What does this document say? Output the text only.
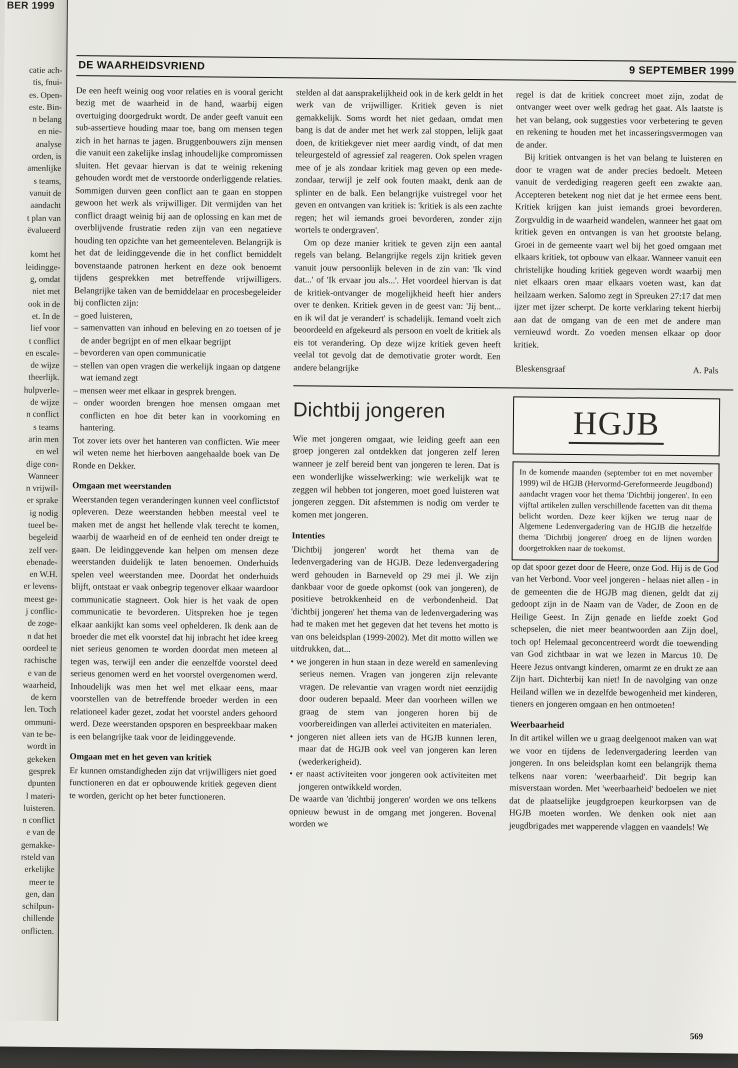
BER 1999
catie ach-
tis, fnui-
es. Open-
este. Bin-
n belang
en nie-
analyse
orden, is
amenlijke
s teams,
vanuit de
aandacht
t plan van
ëvalueerd

komt het
leidingge-
g, omdat
niet met
ook in de
et. In de
lief voor
t conflict
en escale-
de wijze
theerlijk.
hulpverle-
de wijze
n conflict
s teams
arin men
en wel
dige con-
Wanneer
n vrijwil-
er sprake
ig nodig
tueel be-
begeleid
zelf ver-
ebenade-
en W.H.
er levens-
meest ge-
j conflic-
de zoge-
n dat het
oordeel te
rachische
e van de
waarheid,
de kern
len. Toch
ommuni-
van te be-
wordt in
gekeken
gesprek
dpunten
l materi-
luisteren.
n conflict
e van de
gemakke-
rsteld van
erkelijke
meer te
gen, dan
schilpun-
chillende
onflicten.
DE WAARHEIDSVRIEND	9 SEPTEMBER 1999

De een heeft weinig oog voor relaties en is vooral gericht bezig met de waarheid in de hand, waarbij eigen overtuiging doorgedrukt wordt. De ander geeft vanuit een sub-assertieve houding maar toe, bang om mensen tegen zich in het harnas te jagen. Bruggenbouwers zijn mensen die vanuit een zakelijke inslag inhoudelijke compromissen sluiten. Het gevaar hiervan is dat te weinig rekening gehouden wordt met de verstoorde onderliggende relaties. Sommigen durven geen conflict aan te gaan en stoppen gewoon het werk als vrijwilliger. Dit vermijden van het conflict draagt weinig bij aan de oplossing en kan met de overblijvende frustratie reden zijn van een negatieve houding ten opzichte van het gemeenteleven. Belangrijk is het dat de leidinggevende die in het conflict bemiddelt bovenstaande patronen herkent en deze ook benoemt tijdens gesprekken met betreffende vrijwilligers. Belangrijke taken van de bemiddelaar en procesbegeleider bij conflicten zijn:

– goed luisteren,
– samenvatten van inhoud en beleving en zo toetsen of je de ander begrijpt en of men elkaar begrijpt
– bevorderen van open communicatie
– stellen van open vragen die werkelijk ingaan op datgene wat iemand zegt
– mensen weer met elkaar in gesprek brengen.
– onder woorden brengen hoe mensen omgaan met conflicten en hoe dit beter kan in voorkoming en hantering.

Tot zover iets over het hanteren van conflicten. Wie meer wil weten neme het hierboven aangehaalde boek van De Ronde en Dekker.

Omgaan met weerstanden

Weerstanden tegen veranderingen kunnen veel conflictstof opleveren. Deze weerstanden hebben meestal veel te maken met de angst het hellende vlak terecht te komen, waarbij de waarheid en of de eenheid ten onder dreigt te gaan. De leidinggevende kan helpen om mensen deze weerstanden duidelijk te laten benoemen. Onderhuids spelen veel weerstanden mee. Doordat het onderhuids blijft, ontstaat er vaak onbegrip tegenover elkaar waardoor communicatie stagneert. Ook hier is het vaak de open communicatie te bevorderen. Uitspreken hoe je tegen elkaar aankijkt kan soms veel ophelderen. Ik denk aan de broeder die met elk voorstel dat hij inbracht het idee kreeg niet serieus genomen te worden doordat men meteen al tegen was, terwijl een ander die eenzelfde voorstel deed serieus genomen werd en het voorstel overgenomen werd. Inhoudelijk was men het wel met elkaar eens, maar voorstellen van de betreffende broeder werden in een relationeel kader gezet, zodat het voorstel anders gehoord werd. Deze weerstanden opsporen en bespreekbaar maken is een belangrijke taak voor de leidinggevende.

Omgaan met en het geven van kritiek

Er kunnen omstandigheden zijn dat vrijwilligers niet goed functioneren en dat er opbouwende kritiek gegeven dient te worden, gericht op het beter functioneren.

stelden al dat aansprakelijkheid ook in de kerk geldt in het werk van de vrijwilliger. Kritiek geven is niet gemakkelijk. Soms wordt het niet gedaan, omdat men bang is dat de ander met het werk zal stoppen, lelijk gaat doen, de kritiekgever niet meer aardig vindt, of dat men teleurgesteld of agressief zal reageren. Ook spelen vragen mee of je als zondaar kritiek mag geven op een mede-zondaar, terwijl je zelf ook fouten maakt, denk aan de splinter en de balk. Een belangrijke vuistregel voor het geven en ontvangen van kritiek is: 'kritiek is als een zachte regen; het wil iemands groei bevorderen, zonder zijn wortels te ondergraven'.

Om op deze manier kritiek te geven zijn een aantal regels van belang. Belangrijke regels zijn kritiek geven vanuit jouw persoonlijk beleven in de zin van: 'Ik vind dat...' of 'Ik ervaar jou als...'. Het voordeel hiervan is dat de kritiek-ontvanger de mogelijkheid heeft hier anders over te denken. Kritiek geven in de geest van: 'Jij bent... en ik wil dat je verandert' is schadelijk. Iemand voelt zich beoordeeld en afgekeurd als persoon en voelt de kritiek als eis tot verandering. Op deze wijze kritiek geven heeft veelal tot gevolg dat de demotivatie groter wordt. Een andere belangrijke

regel is dat de kritiek concreet moet zijn, zodat de ontvanger weet over welk gedrag het gaat. Als laatste is het van belang, ook suggesties voor verbetering te geven en rekening te houden met het incasseringsvermogen van de ander.

Bij kritiek ontvangen is het van belang te luisteren en door te vragen wat de ander precies bedoelt. Meteen vanuit de verdediging reageren geeft een zwakte aan. Accepteren betekent nog niet dat je het ermee eens bent. Kritiek krijgen kan juist iemands groei bevorderen. Zorgvuldig in de waarheid wandelen, wanneer het gaat om kritiek geven en ontvangen is van het grootste belang. Groei in de gemeente vaart wel bij het goed omgaan met elkaars kritiek, tot opbouw van elkaar. Wanneer vanuit een christelijke houding kritiek gegeven wordt waarbij men niet elkaars oren maar elkaars voeten wast, kan dat heilzaam werken. Salomo zegt in Spreuken 27:17 dat men ijzer met ijzer scherpt. De korte verklaring tekent hierbij aan dat de omgang van de een met de andere man vernieuwd wordt. Zo voeden mensen elkaar op door kritiek.

Bleskensgraaf	A. Pals
Dichtbij jongeren

Wie met jongeren omgaat, wie leiding geeft aan een groep jongeren zal ontdekken dat jongeren zelf leren wanneer je zelf bereid bent van jongeren te leren. Dat is een wonderlijke wisselwerking: wie werkelijk wat te zeggen wil hebben tot jongeren, moet goed luisteren wat jongeren zeggen. Dit afstemmen is nodig om verder te komen met jongeren.

Intenties

'Dichtbij jongeren' wordt het thema van de ledenvergadering van de HGJB. Deze ledenvergadering werd gehouden in Barneveld op 29 mei jl. We zijn dankbaar voor de goede opkomst (ook van jongeren), de positieve betrokkenheid en de verbondenheid. Dat 'dichtbij jongeren' het thema van de ledenvergadering was had te maken met het gegeven dat het tevens het motto is van ons beleidsplan (1999-2002). Met dit motto willen we uitdrukken, dat...

• we jongeren in hun staan in deze wereld en samenleving serieus nemen. Vragen van jongeren zijn relevante vragen. De relevantie van vragen wordt niet eenzijdig door ouderen bepaald. Meer dan voorheen willen we graag de stem van jongeren horen bij de voorbereidingen van allerlei activiteiten en materialen.
• jongeren niet alleen iets van de HGJB kunnen leren, maar dat de HGJB ook veel van jongeren kan leren (wederkerigheid).
• er naast activiteiten voor jongeren ook activiteiten met jongeren ontwikkeld worden.

De waarde van 'dichtbij jongeren' worden we ons telkens opnieuw bewust in de omgang met jongeren. Bovenal worden we

HGJB
In de komende maanden (september tot en met november 1999) wil de HGJB (Hervormd-Gereformeerde Jeugdbond) aandacht vragen voor het thema 'Dichtbij jongeren'. In een vijftal artikelen zullen verschillende facetten van dit thema belicht worden. Deze keer kijken we terug naar de Algemene Ledenvergadering van de HGJB die hetzelfde thema 'Dichtbij jongeren' droeg en de lijnen worden doorgetrokken naar de toekomst.

op dat spoor gezet door de Heere, onze God. Hij is de God van het Verbond. Voor veel jongeren - helaas niet allen - in de gemeenten die de HGJB mag dienen, geldt dat zij gedoopt zijn in de Naam van de Vader, de Zoon en de Heilige Geest. In Zijn genade en liefde zoekt God schepselen, die niet meer beantwoorden aan Zijn doel, toch op! Helemaal geconcentreerd wordt die toewending van God zichtbaar in wat we lezen in Marcus 10. De Heere Jezus ontvangt kinderen, omarmt ze en drukt ze aan Zijn hart. Dichterbij kan niet! In de navolging van onze Heiland willen we in dezelfde bewogenheid met kinderen, tieners en jongeren omgaan en hen ontmoeten!

Weerbaarheid

In dit artikel willen we u graag deelgenoot maken van wat we voor en tijdens de ledenvergadering leerden van jongeren. In ons beleidsplan komt een belangrijk thema telkens naar voren: 'weerbaarheid'. Dit begrip kan misverstaan worden. Met 'weerbaarheid' bedoelen we niet dat de plaatselijke jeugdgroepen keurkorpsen van de HGJB moeten worden. We denken ook niet aan jeugdbrigades met wapperende vlaggen en vaandels! We

569
